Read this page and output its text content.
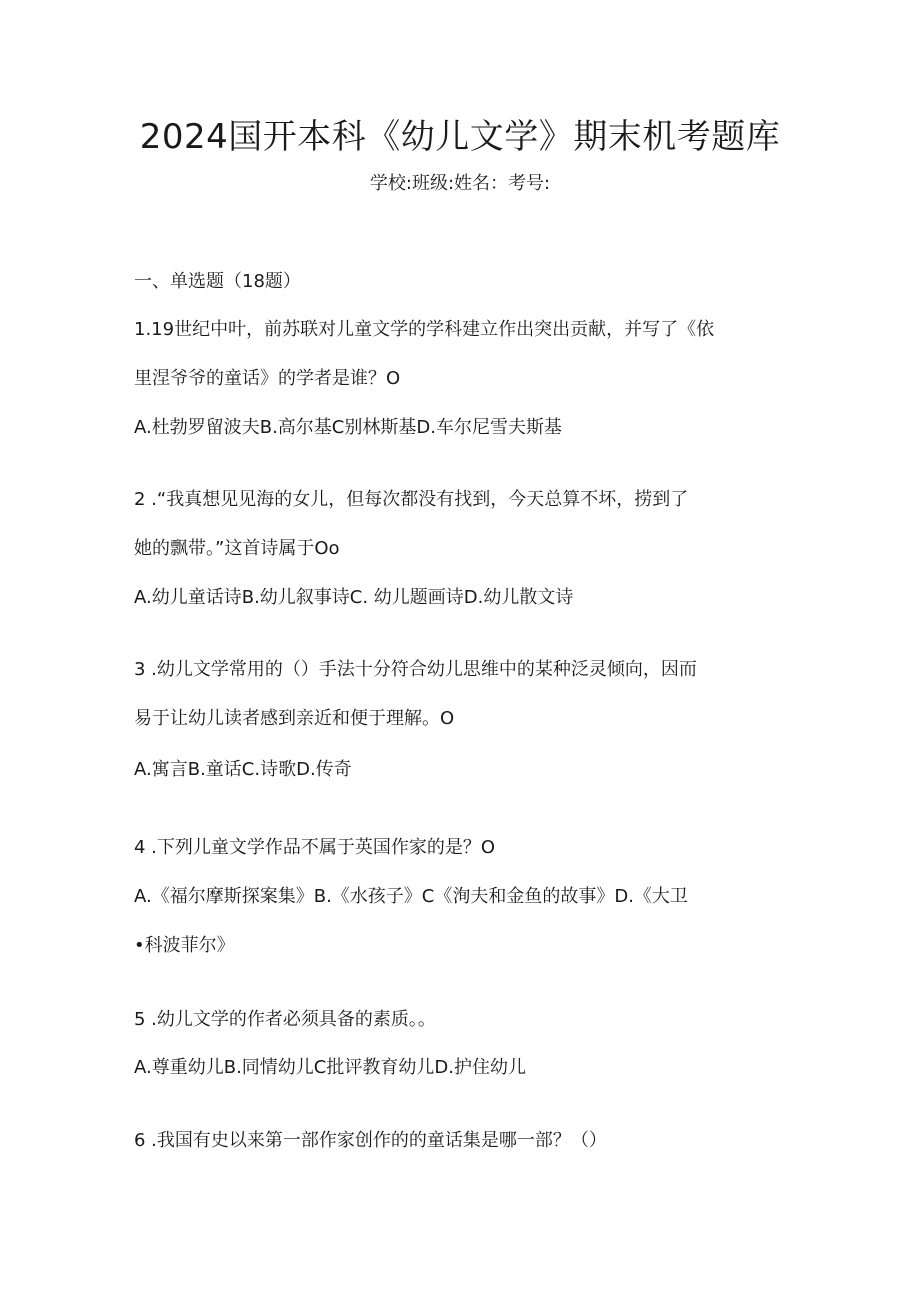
2024国开本科《幼儿文学》期末机考题库
学校:班级:姓名：考号:
一、单选题（18题）
1.19世纪中叶，前苏联对儿童文学的学科建立作出突出贡献，并写了《依
里涅爷爷的童话》的学者是谁？O
A.杜勃罗留波夫B.高尔基C别林斯基D.车尔尼雪夫斯基
2 .“我真想见见海的女儿，但每次都没有找到，今天总算不坏，捞到了
她的飘带。”这首诗属于Oo
A.幼儿童话诗B.幼儿叙事诗C. 幼儿题画诗D.幼儿散文诗
3 .幼儿文学常用的（）手法十分符合幼儿思维中的某种泛灵倾向，因而
易于让幼儿读者感到亲近和便于理解。O
A.寓言B.童话C.诗歌D.传奇
4 .下列儿童文学作品不属于英国作家的是？O
A.《福尔摩斯探案集》B.《水孩子》C《洵夫和金鱼的故事》D.《大卫
•科波菲尔》
5 .幼儿文学的作者必须具备的素质。。
A.尊重幼儿B.同情幼儿C批评教育幼儿D.护住幼儿
6 .我国有史以来第一部作家创作的的童话集是哪一部？（）
